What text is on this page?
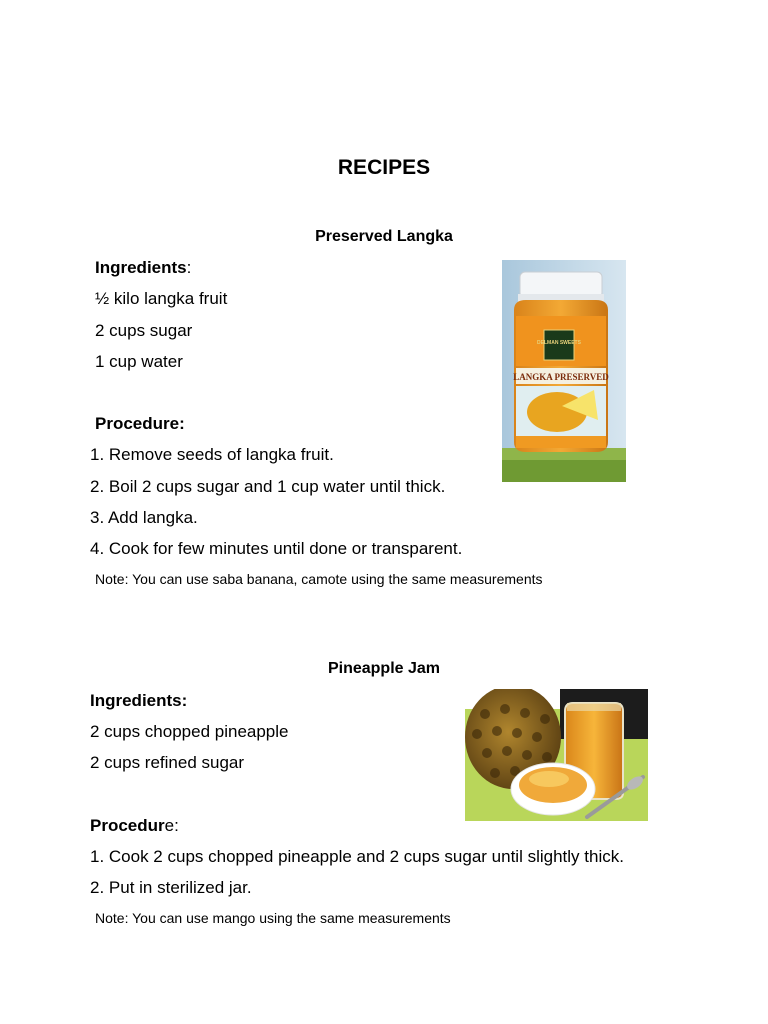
RECIPES
Preserved Langka
Ingredients:
½ kilo langka fruit
2 cups sugar
1 cup water
Procedure:
1. Remove seeds of langka fruit.
2. Boil 2 cups sugar and 1 cup water until thick.
3. Add langka.
4. Cook for few minutes until done or transparent.
Note: You can use saba banana, camote using the same measurements
LANGKA PRESERVED
DELMAN SWEETS
Pineapple Jam
Ingredients:
2 cups chopped pineapple
2 cups refined sugar
Procedure:
1. Cook 2 cups chopped pineapple and 2 cups sugar until slightly thick.
2. Put in sterilized jar.
Note: You can use mango using the same measurements
